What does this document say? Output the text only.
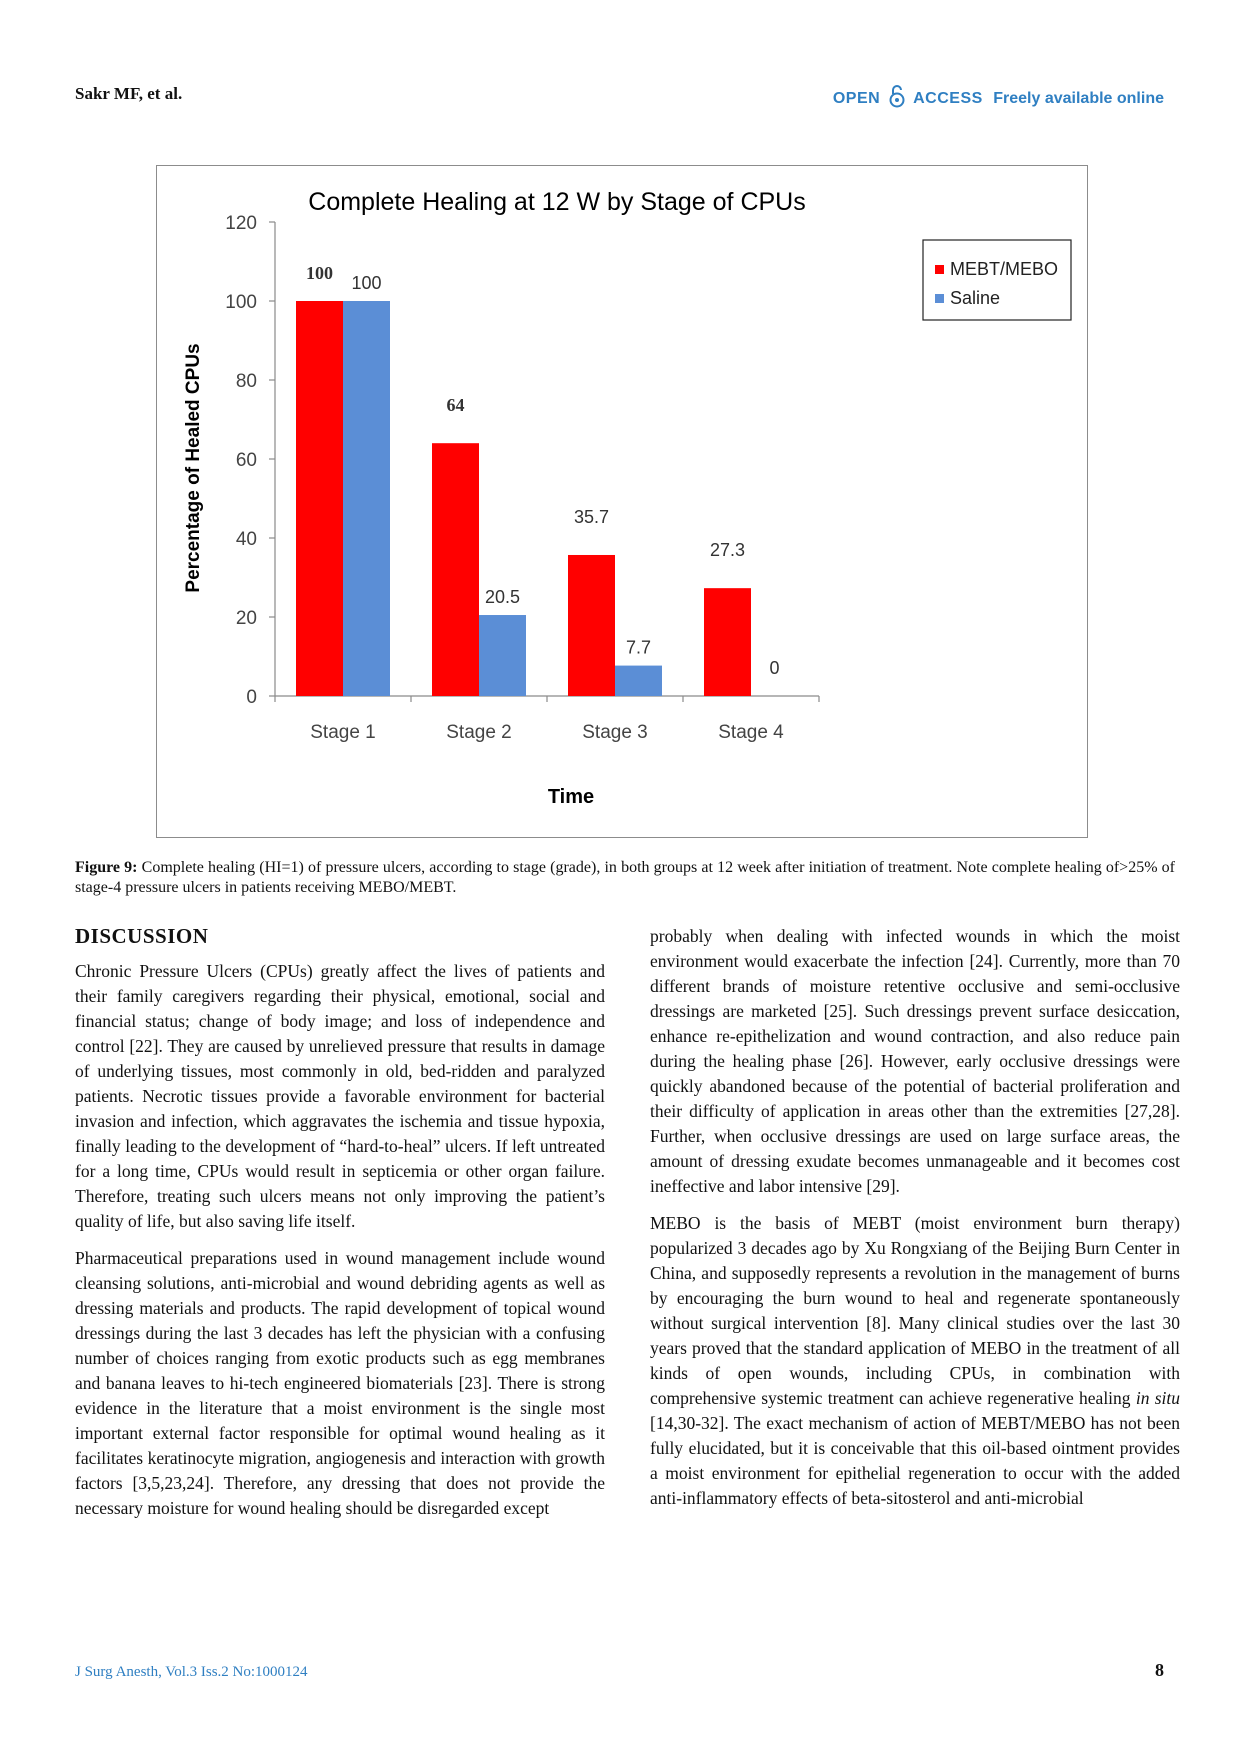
Sakr MF, et al.	OPEN ACCESS Freely available online
Complete Healing at 12 W by Stage of CPUs
Percentage of Healed CPUs
Time
0
20
40
60
80
100
120
Stage 1
100 100
Stage 2
64
20.5
Stage 3
35.7
7.7
Stage 4
27.3
0
MEBT/MEBO
Saline
Figure 9: Complete healing (HI=1) of pressure ulcers, according to stage (grade), in both groups at 12 week after initiation of treatment. Note complete healing of>25% of stage-4 pressure ulcers in patients receiving MEBO/MEBT.
DISCUSSION

Chronic Pressure Ulcers (CPUs) greatly affect the lives of patients and their family caregivers regarding their physical, emotional, social and financial status; change of body image; and loss of independence and control [22]. They are caused by unrelieved pressure that results in damage of underlying tissues, most commonly in old, bed-ridden and paralyzed patients. Necrotic tissues provide a favorable environment for bacterial invasion and infection, which aggravates the ischemia and tissue hypoxia, finally leading to the development of “hard-to-heal” ulcers. If left untreated for a long time, CPUs would result in septicemia or other organ failure. Therefore, treating such ulcers means not only improving the patient’s quality of life, but also saving life itself.

Pharmaceutical preparations used in wound management include wound cleansing solutions, anti-microbial and wound debriding agents as well as dressing materials and products. The rapid development of topical wound dressings during the last 3 decades has left the physician with a confusing number of choices ranging from exotic products such as egg membranes and banana leaves to hi-tech engineered biomaterials [23]. There is strong evidence in the literature that a moist environment is the single most important external factor responsible for optimal wound healing as it facilitates keratinocyte migration, angiogenesis and interaction with growth factors [3,5,23,24]. Therefore, any dressing that does not provide the necessary moisture for wound healing should be disregarded except

probably when dealing with infected wounds in which the moist environment would exacerbate the infection [24]. Currently, more than 70 different brands of moisture retentive occlusive and semi-occlusive dressings are marketed [25]. Such dressings prevent surface desiccation, enhance re-epithelization and wound contraction, and also reduce pain during the healing phase [26]. However, early occlusive dressings were quickly abandoned because of the potential of bacterial proliferation and their difficulty of application in areas other than the extremities [27,28]. Further, when occlusive dressings are used on large surface areas, the amount of dressing exudate becomes unmanageable and it becomes cost ineffective and labor intensive [29].

MEBO is the basis of MEBT (moist environment burn therapy) popularized 3 decades ago by Xu Rongxiang of the Beijing Burn Center in China, and supposedly represents a revolution in the management of burns by encouraging the burn wound to heal and regenerate spontaneously without surgical intervention [8]. Many clinical studies over the last 30 years proved that the standard application of MEBO in the treatment of all kinds of open wounds, including CPUs, in combination with comprehensive systemic treatment can achieve regenerative healing in situ [14,30-32]. The exact mechanism of action of MEBT/MEBO has not been fully elucidated, but it is conceivable that this oil-based ointment provides a moist environment for epithelial regeneration to occur with the added anti-inflammatory effects of beta-sitosterol and anti-microbial

J Surg Anesth, Vol.3 Iss.2 No:1000124	8
